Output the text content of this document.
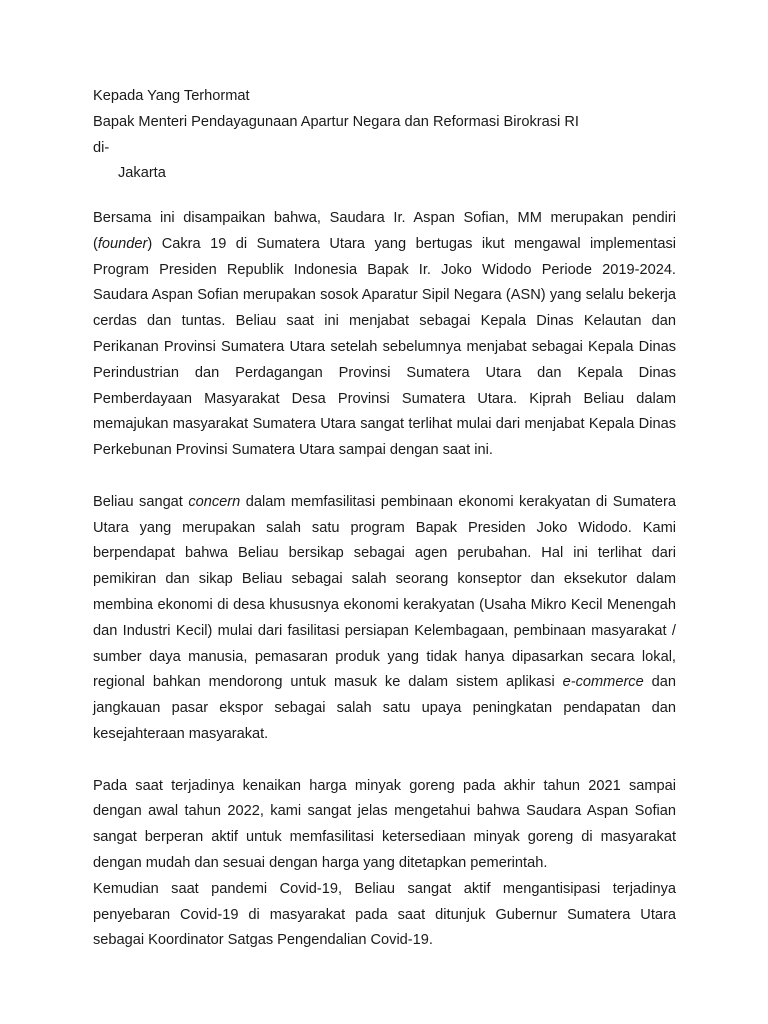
Kepada Yang Terhormat
Bapak Menteri Pendayagunaan Apartur Negara dan Reformasi Birokrasi RI
di-
Jakarta

Bersama ini disampaikan bahwa, Saudara Ir. Aspan Sofian, MM merupakan pendiri (founder) Cakra 19 di Sumatera Utara yang bertugas ikut mengawal implementasi Program Presiden Republik Indonesia Bapak Ir. Joko Widodo Periode 2019-2024. Saudara Aspan Sofian merupakan sosok Aparatur Sipil Negara (ASN) yang selalu bekerja cerdas dan tuntas. Beliau saat ini menjabat sebagai Kepala Dinas Kelautan dan Perikanan Provinsi Sumatera Utara setelah sebelumnya menjabat sebagai Kepala Dinas Perindustrian dan Perdagangan Provinsi Sumatera Utara dan Kepala Dinas Pemberdayaan Masyarakat Desa Provinsi Sumatera Utara. Kiprah Beliau dalam memajukan masyarakat Sumatera Utara sangat terlihat mulai dari menjabat Kepala Dinas Perkebunan Provinsi Sumatera Utara sampai dengan saat ini.

Beliau sangat concern dalam memfasilitasi pembinaan ekonomi kerakyatan di Sumatera Utara yang merupakan salah satu program Bapak Presiden Joko Widodo. Kami berpendapat bahwa Beliau bersikap sebagai agen perubahan. Hal ini terlihat dari pemikiran dan sikap Beliau sebagai salah seorang konseptor dan eksekutor dalam membina ekonomi di desa khususnya ekonomi kerakyatan (Usaha Mikro Kecil Menengah dan Industri Kecil) mulai dari fasilitasi persiapan Kelembagaan, pembinaan masyarakat / sumber daya manusia, pemasaran produk yang tidak hanya dipasarkan secara lokal, regional bahkan mendorong untuk masuk ke dalam sistem aplikasi e-commerce dan jangkauan pasar ekspor sebagai salah satu upaya peningkatan pendapatan dan kesejahteraan masyarakat.

Pada saat terjadinya kenaikan harga minyak goreng pada akhir tahun 2021 sampai dengan awal tahun 2022, kami sangat jelas mengetahui bahwa Saudara Aspan Sofian sangat berperan aktif untuk memfasilitasi ketersediaan minyak goreng di masyarakat dengan mudah dan sesuai dengan harga yang ditetapkan pemerintah.

Kemudian saat pandemi Covid-19, Beliau sangat aktif mengantisipasi terjadinya penyebaran Covid-19 di masyarakat pada saat ditunjuk Gubernur Sumatera Utara sebagai Koordinator Satgas Pengendalian Covid-19.
